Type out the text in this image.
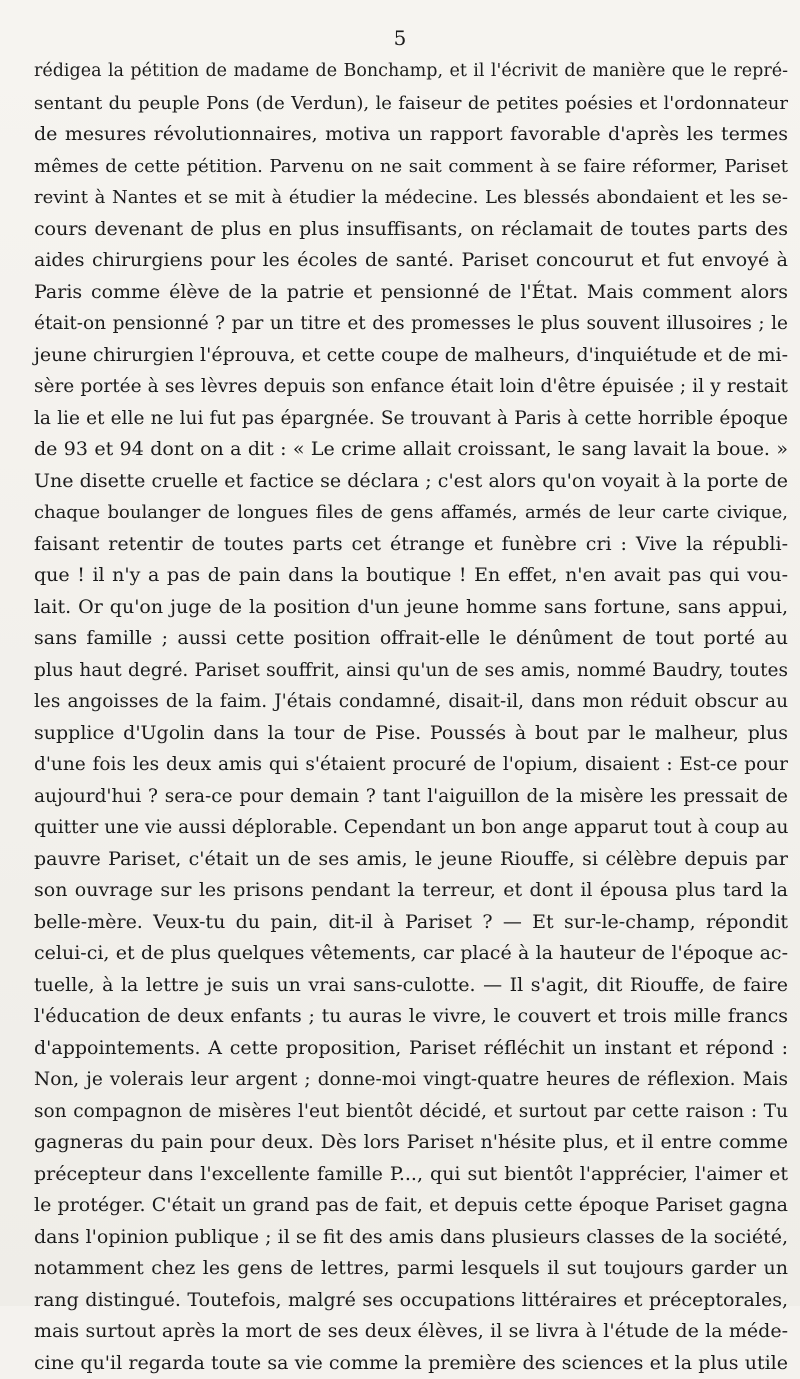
5
rédigea la pétition de madame de Bonchamp, et il l'écrivit de manière que le repré-
sentant du peuple Pons (de Verdun), le faiseur de petites poésies et l'ordonnateur
de mesures révolutionnaires, motiva un rapport favorable d'après les termes
mêmes de cette pétition. Parvenu on ne sait comment à se faire réformer, Pariset
revint à Nantes et se mit à étudier la médecine. Les blessés abondaient et les se-
cours devenant de plus en plus insuffisants, on réclamait de toutes parts des
aides chirurgiens pour les écoles de santé. Pariset concourut et fut envoyé à
Paris comme élève de la patrie et pensionné de l'État. Mais comment alors
était-on pensionné ? par un titre et des promesses le plus souvent illusoires ; le
jeune chirurgien l'éprouva, et cette coupe de malheurs, d'inquiétude et de mi-
sère portée à ses lèvres depuis son enfance était loin d'être épuisée ; il y restait
la lie et elle ne lui fut pas épargnée. Se trouvant à Paris à cette horrible époque
de 93 et 94 dont on a dit : « Le crime allait croissant, le sang lavait la boue. »
Une disette cruelle et factice se déclara ; c'est alors qu'on voyait à la porte de
chaque boulanger de longues files de gens affamés, armés de leur carte civique,
faisant retentir de toutes parts cet étrange et funèbre cri : Vive la républi-
que ! il n'y a pas de pain dans la boutique ! En effet, n'en avait pas qui vou-
lait. Or qu'on juge de la position d'un jeune homme sans fortune, sans appui,
sans famille ; aussi cette position offrait-elle le dénûment de tout porté au
plus haut degré. Pariset souffrit, ainsi qu'un de ses amis, nommé Baudry, toutes
les angoisses de la faim. J'étais condamné, disait-il, dans mon réduit obscur au
supplice d'Ugolin dans la tour de Pise. Poussés à bout par le malheur, plus
d'une fois les deux amis qui s'étaient procuré de l'opium, disaient : Est-ce pour
aujourd'hui ? sera-ce pour demain ? tant l'aiguillon de la misère les pressait de
quitter une vie aussi déplorable. Cependant un bon ange apparut tout à coup au
pauvre Pariset, c'était un de ses amis, le jeune Riouffe, si célèbre depuis par
son ouvrage sur les prisons pendant la terreur, et dont il épousa plus tard la
belle-mère. Veux-tu du pain, dit-il à Pariset ? — Et sur-le-champ, répondit
celui-ci, et de plus quelques vêtements, car placé à la hauteur de l'époque ac-
tuelle, à la lettre je suis un vrai sans-culotte. — Il s'agit, dit Riouffe, de faire
l'éducation de deux enfants ; tu auras le vivre, le couvert et trois mille francs
d'appointements. A cette proposition, Pariset réfléchit un instant et répond :
Non, je volerais leur argent ; donne-moi vingt-quatre heures de réflexion. Mais
son compagnon de misères l'eut bientôt décidé, et surtout par cette raison : Tu
gagneras du pain pour deux. Dès lors Pariset n'hésite plus, et il entre comme
précepteur dans l'excellente famille P..., qui sut bientôt l'apprécier, l'aimer et
le protéger. C'était un grand pas de fait, et depuis cette époque Pariset gagna
dans l'opinion publique ; il se fit des amis dans plusieurs classes de la société,
notamment chez les gens de lettres, parmi lesquels il sut toujours garder un
rang distingué. Toutefois, malgré ses occupations littéraires et préceptorales,
mais surtout après la mort de ses deux élèves, il se livra à l'étude de la méde-
cine qu'il regarda toute sa vie comme la première des sciences et la plus utile
